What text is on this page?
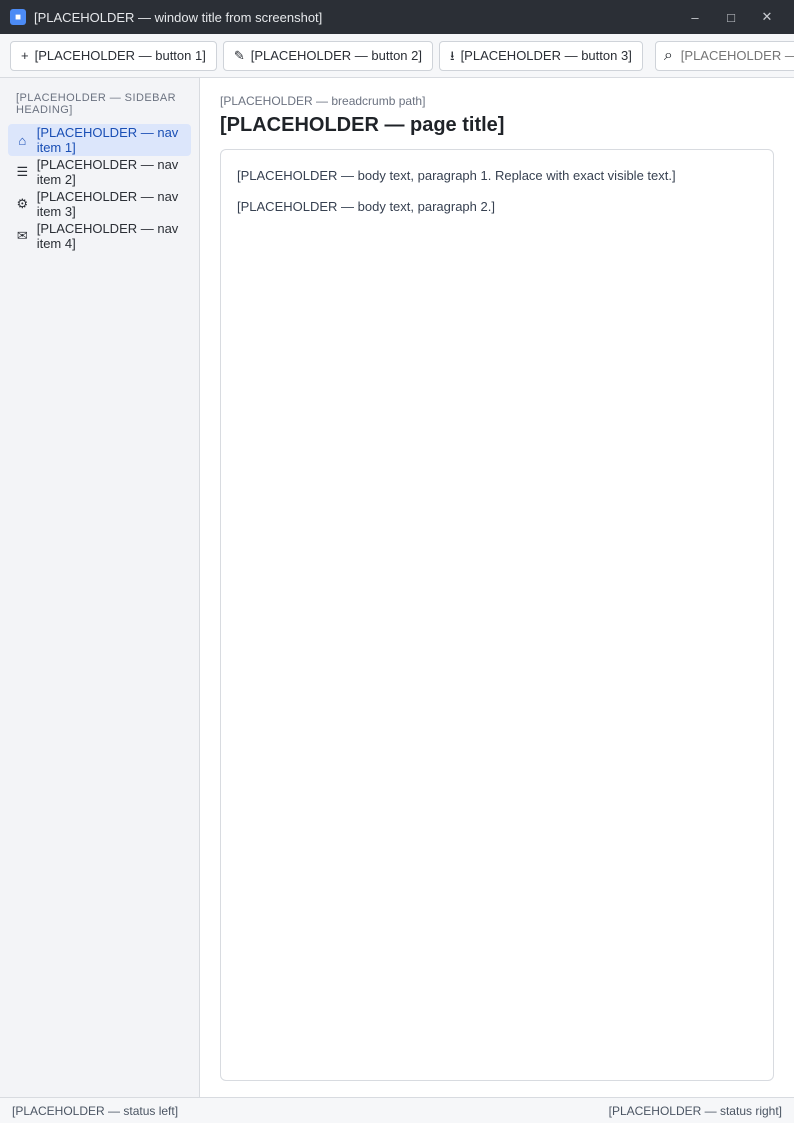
■ [PLACEHOLDER — window title from screenshot]	–	□	✕
+ [PLACEHOLDER — button 1] ✎ [PLACEHOLDER — button 2] ⭳ [PLACEHOLDER — button 3] ⌕
[PLACEHOLDER — search hint]
[PLACEHOLDER — SIDEBAR HEADING]
⌂ [PLACEHOLDER — nav item 1]
☰ [PLACEHOLDER — nav item 2]
⚙ [PLACEHOLDER — nav item 3]
✉ [PLACEHOLDER — nav item 4]
[PLACEHOLDER — breadcrumb path]
[PLACEHOLDER — page title]

[PLACEHOLDER — body text, paragraph 1. Replace with exact visible text.]

[PLACEHOLDER — body text, paragraph 2.]

[PLACEHOLDER — status left]	[PLACEHOLDER — status right]
